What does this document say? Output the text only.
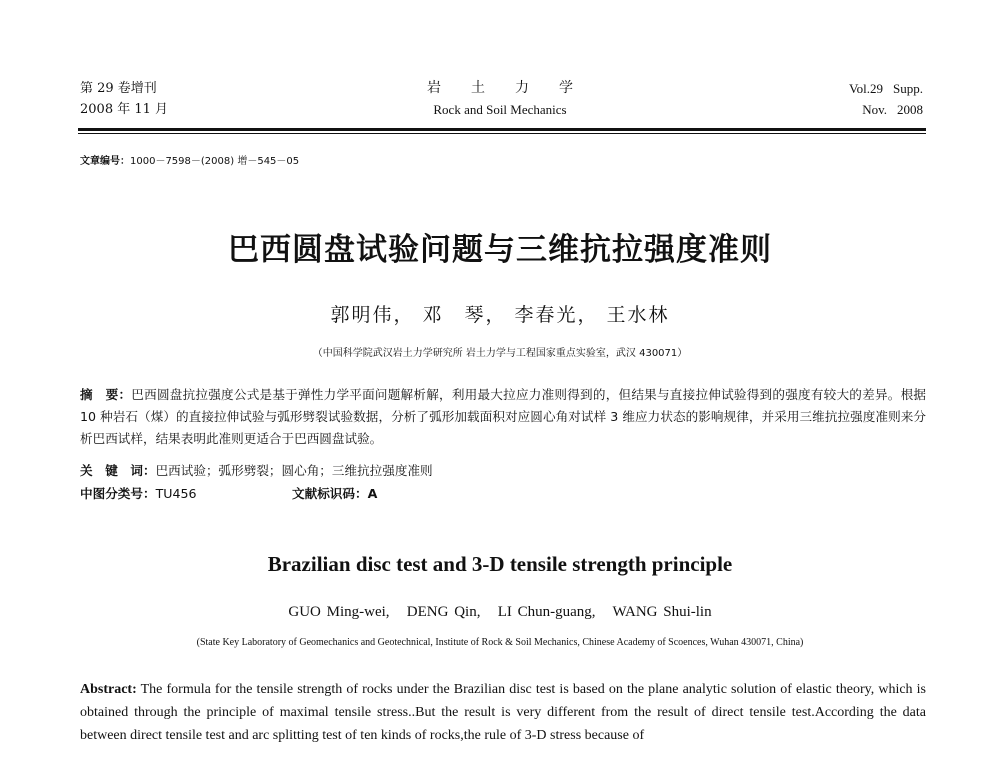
第 29 卷增刊
2008 年 11 月
岩土力学
Rock and Soil Mechanics
Vol.29 Supp.
Nov. 2008
文章编号：1000－7598－(2008) 增－545－05
巴西圆盘试验问题与三维抗拉强度准则
郭明伟， 邓　琴， 李春光， 王水林
（中国科学院武汉岩土力学研究所 岩土力学与工程国家重点实验室，武汉 430071）
摘　要：巴西圆盘抗拉强度公式是基于弹性力学平面问题解析解，利用最大拉应力准则得到的，但结果与直接拉伸试验得到的强度有较大的差异。根据 10 种岩石（煤）的直接拉伸试验与弧形劈裂试验数据，分析了弧形加载面积对应圆心角对试样 3 维应力状态的影响规律，并采用三维抗拉强度准则来分析巴西试样，结果表明此准则更适合于巴西圆盘试验。
关　键　词：巴西试验；弧形劈裂；圆心角；三维抗拉强度准则
中图分类号：TU456	文献标识码：A
Brazilian disc test and 3-D tensile strength principle
GUO Ming-wei,   DENG Qin,   LI Chun-guang,   WANG Shui-lin
(State Key Laboratory of Geomechanics and Geotechnical, Institute of Rock & Soil Mechanics, Chinese Academy of Scoences, Wuhan 430071, China)
Abstract: The formula for the tensile strength of rocks under the Brazilian disc test is based on the plane analytic solution of elastic theory, which is obtained through the principle of maximal tensile stress..But the result is very different from the result of direct tensile test.According the data between direct tensile test and arc splitting test of ten kinds of rocks,the rule of 3-D stress because of
